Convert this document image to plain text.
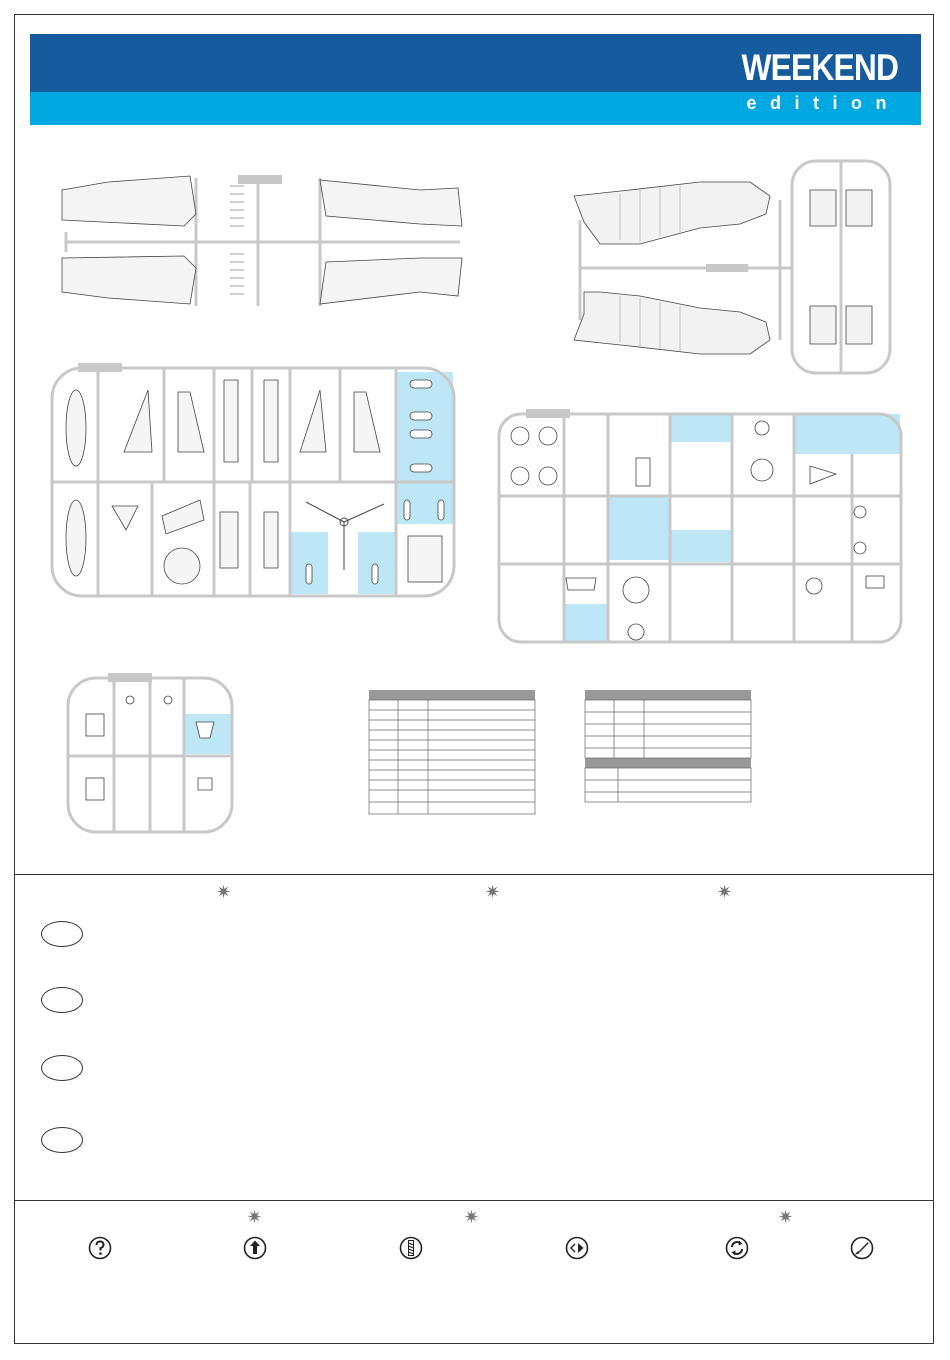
WEEKEND
edition
✷	✷	✷
✷	✷	✷
